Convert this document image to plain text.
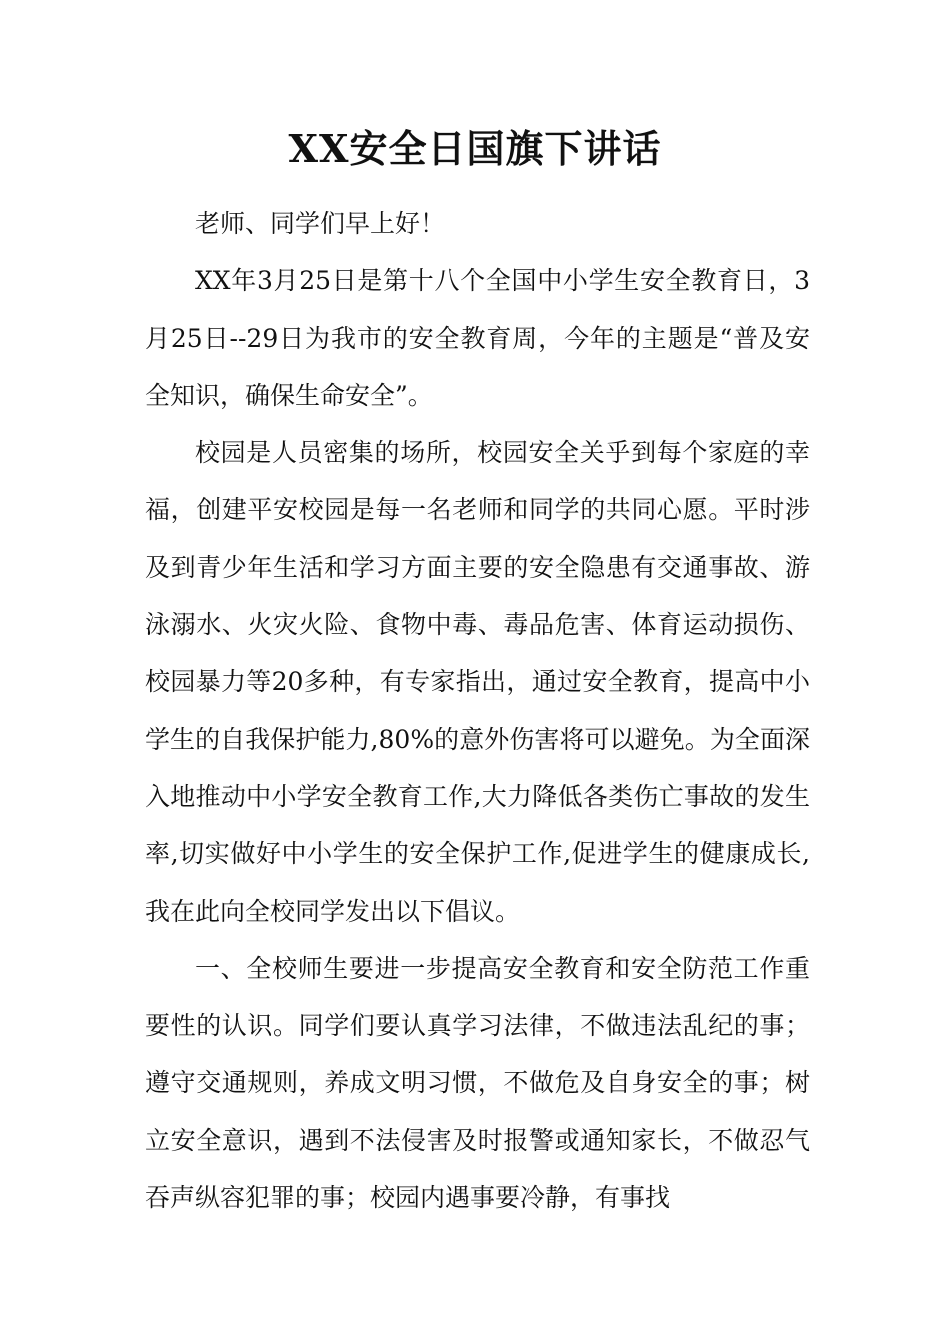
XX安全日国旗下讲话

老师、同学们早上好！

XX年3月25日是第十八个全国中小学生安全教育日，3月25日--29日为我市的安全教育周，今年的主题是“普及安全知识，确保生命安全”。

校园是人员密集的场所，校园安全关乎到每个家庭的幸福，创建平安校园是每一名老师和同学的共同心愿。平时涉及到青少年生活和学习方面主要的安全隐患有交通事故、游泳溺水、火灾火险、食物中毒、毒品危害、体育运动损伤、校园暴力等20多种，有专家指出，通过安全教育，提高中小学生的自我保护能力,80%的意外伤害将可以避免。为全面深入地推动中小学安全教育工作,大力降低各类伤亡事故的发生率,切实做好中小学生的安全保护工作,促进学生的健康成长,我在此向全校同学发出以下倡议。

一、全校师生要进一步提高安全教育和安全防范工作重要性的认识。同学们要认真学习法律，不做违法乱纪的事；遵守交通规则，养成文明习惯，不做危及自身安全的事；树立安全意识，遇到不法侵害及时报警或通知家长，不做忍气吞声纵容犯罪的事；校园内遇事要冷静，有事找
